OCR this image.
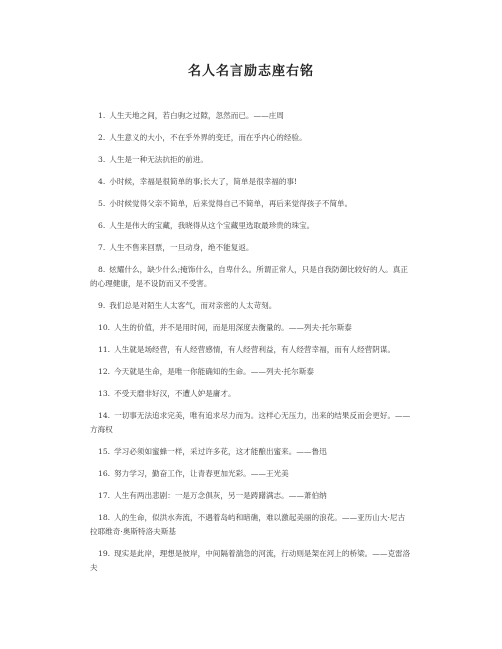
名人名言励志座右铭
1. 人生天地之间，若白驹之过隙，忽然而已。——庄周
2. 人生意义的大小，不在乎外界的变迁，而在乎内心的经验。
3. 人生是一种无法抗拒的前进。
4. 小时候，幸福是很简单的事;长大了，简单是很幸福的事!
5. 小时候觉得父亲不简单，后来觉得自己不简单，再后来觉得孩子不简单。
6. 人生是伟大的宝藏，我晓得从这个宝藏里选取最珍贵的珠宝。
7. 人生不售来回票，一旦动身，绝不能复返。
8. 炫耀什么，缺少什么;掩饰什么，自卑什么。所谓正常人，只是自我防御比较好的人。真正的心理健康，是不设防而又不受害。
9. 我们总是对陌生人太客气，而对亲密的人太苛刻。
10. 人生的价值，并不是用时间，而是用深度去衡量的。——列夫·托尔斯泰
11. 人生就是场经营，有人经营感情，有人经营利益，有人经营幸福，而有人经营阴谋。
12. 今天就是生命，是唯一你能确知的生命。——列夫·托尔斯泰
13. 不受天磨非好汉，不遭人妒是庸才。
14. 一切事无法追求完美，唯有追求尽力而为。这样心无压力，出来的结果反而会更好。——方海权
15. 学习必须如蜜蜂一样，采过许多花，这才能酿出蜜来。——鲁迅
16. 努力学习，勤奋工作，让青春更加光彩。——王光美
17. 人生有两出悲剧：一是万念俱灰，另一是踌躇满志。——萧伯纳
18. 人的生命，似洪水奔流，不遇着岛屿和暗礁，难以激起美丽的浪花。——亚历山大·尼古拉耶维奇·奥斯特洛夫斯基
19. 现实是此岸，理想是彼岸，中间隔着湍急的河流，行动则是架在河上的桥梁。——克雷洛夫
